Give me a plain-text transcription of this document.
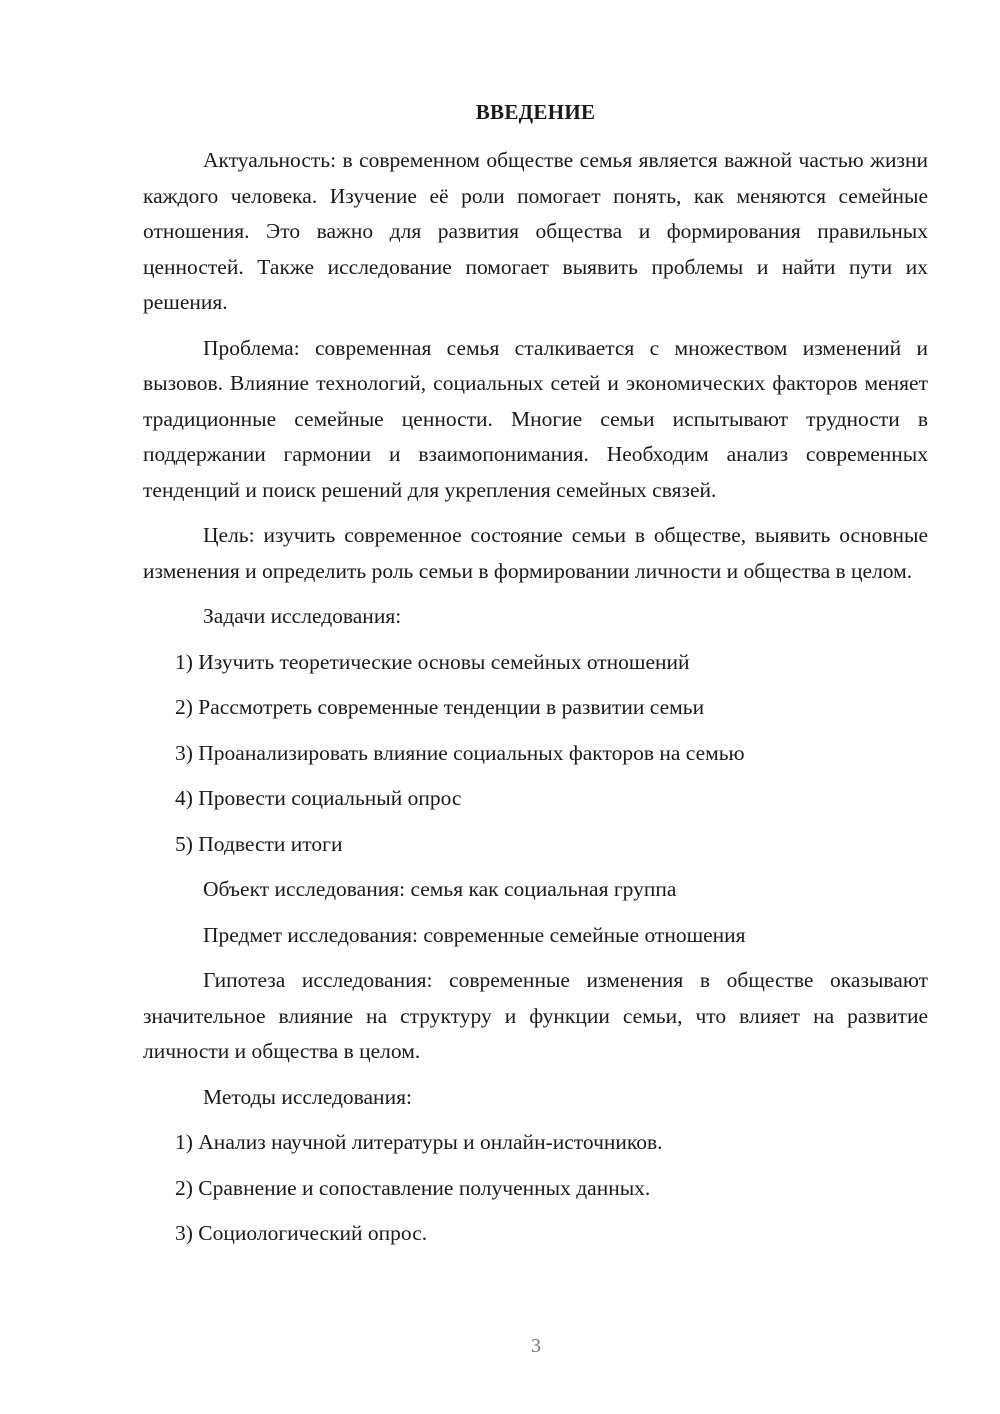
ВВЕДЕНИЕ

Актуальность: в современном обществе семья является важной частью жизни каждого человека. Изучение её роли помогает понять, как меняются семейные отношения. Это важно для развития общества и формирования правильных ценностей. Также исследование помогает выявить проблемы и найти пути их решения.

Проблема: современная семья сталкивается с множеством изменений и вызовов. Влияние технологий, социальных сетей и экономических факторов меняет традиционные семейные ценности. Многие семьи испытывают трудности в поддержании гармонии и взаимопонимания. Необходим анализ современных тенденций и поиск решений для укрепления семейных связей.

Цель: изучить современное состояние семьи в обществе, выявить основные изменения и определить роль семьи в формировании личности и общества в целом.

Задачи исследования:

1) Изучить теоретические основы семейных отношений

2) Рассмотреть современные тенденции в развитии семьи

3) Проанализировать влияние социальных факторов на семью

4) Провести социальный опрос

5) Подвести итоги

Объект исследования: семья как социальная группа

Предмет исследования: современные семейные отношения

Гипотеза исследования: современные изменения в обществе оказывают значительное влияние на структуру и функции семьи, что влияет на развитие личности и общества в целом.

Методы исследования:

1) Анализ научной литературы и онлайн-источников.

2) Сравнение и сопоставление полученных данных.

3) Социологический опрос.

3
